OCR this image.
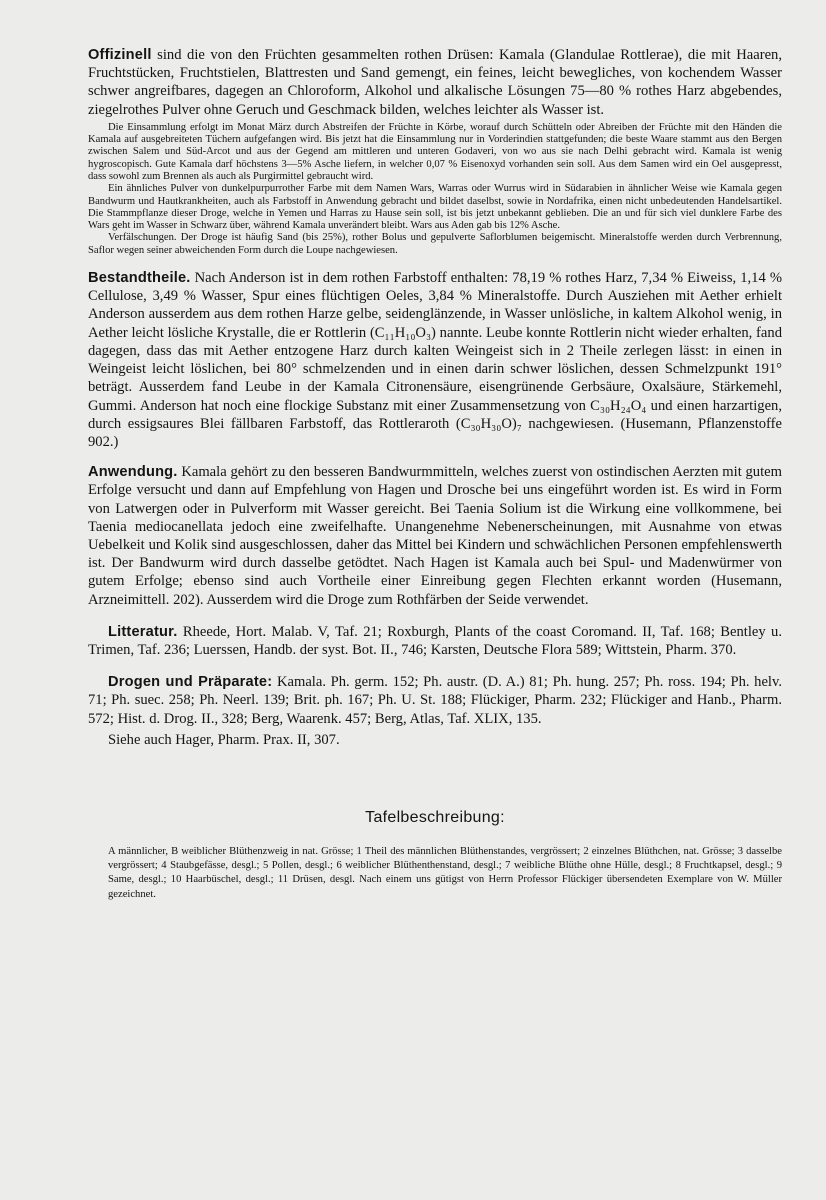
Offizinell sind die von den Früchten gesammelten rothen Drüsen: Kamala (Glandulae Rottlerae), die mit Haaren, Fruchtstücken, Fruchtstielen, Blattresten und Sand gemengt, ein feines, leicht bewegliches, von kochendem Wasser schwer angreifbares, dagegen an Chloroform, Alkohol und alkalische Lösungen 75—80 % rothes Harz abgebendes, ziegelrothes Pulver ohne Geruch und Geschmack bilden, welches leichter als Wasser ist.

Die Einsammlung erfolgt im Monat März durch Abstreifen der Früchte in Körbe, worauf durch Schütteln oder Abreiben der Früchte mit den Händen die Kamala auf ausgebreiteten Tüchern aufgefangen wird. Bis jetzt hat die Einsammlung nur in Vorderindien stattgefunden; die beste Waare stammt aus den Bergen zwischen Salem und Süd-Arcot und aus der Gegend am mittleren und unteren Godaveri, von wo aus sie nach Delhi gebracht wird. Kamala ist wenig hygroscopisch. Gute Kamala darf höchstens 3—5% Asche liefern, in welcher 0,07 % Eisenoxyd vorhanden sein soll. Aus dem Samen wird ein Oel ausgepresst, dass sowohl zum Brennen als auch als Purgirmittel gebraucht wird.

Ein ähnliches Pulver von dunkelpurpurrother Farbe mit dem Namen Wars, Warras oder Wurrus wird in Südarabien in ähnlicher Weise wie Kamala gegen Bandwurm und Hautkrankheiten, auch als Farbstoff in Anwendung gebracht und bildet daselbst, sowie in Nordafrika, einen nicht unbedeutenden Handelsartikel. Die Stammpflanze dieser Droge, welche in Yemen und Harras zu Hause sein soll, ist bis jetzt unbekannt geblieben. Die an und für sich viel dunklere Farbe des Wars geht im Wasser in Schwarz über, während Kamala unverändert bleibt. Wars aus Aden gab bis 12% Asche.

Verfälschungen. Der Droge ist häufig Sand (bis 25%), rother Bolus und gepulverte Saflorblumen beigemischt. Mineralstoffe werden durch Verbrennung, Saflor wegen seiner abweichenden Form durch die Loupe nachgewiesen.

Bestandtheile. Nach Anderson ist in dem rothen Farbstoff enthalten: 78,19 % rothes Harz, 7,34 % Eiweiss, 1,14 % Cellulose, 3,49 % Wasser, Spur eines flüchtigen Oeles, 3,84 % Mineralstoffe. Durch Ausziehen mit Aether erhielt Anderson ausserdem aus dem rothen Harze gelbe, seidenglänzende, in Wasser unlösliche, in kaltem Alkohol wenig, in Aether leicht lösliche Krystalle, die er Rottlerin (C₁₁H₁₀O₃) nannte. Leube konnte Rottlerin nicht wieder erhalten, fand dagegen, dass das mit Aether entzogene Harz durch kalten Weingeist sich in 2 Theile zerlegen lässt: in einen in Weingeist leicht löslichen, bei 80° schmelzenden und in einen darin schwer löslichen, dessen Schmelzpunkt 191° beträgt. Ausserdem fand Leube in der Kamala Citronensäure, eisengrünende Gerbsäure, Oxalsäure, Stärkemehl, Gummi. Anderson hat noch eine flockige Substanz mit einer Zusammensetzung von C₃₀H₂₄O₄ und einen harzartigen, durch essigsaures Blei fällbaren Farbstoff, das Rottleraroth (C₃₀H₃₀O)₇ nachgewiesen. (Husemann, Pflanzenstoffe 902.)

Anwendung. Kamala gehört zu den besseren Bandwurmmitteln, welches zuerst von ostindischen Aerzten mit gutem Erfolge versucht und dann auf Empfehlung von Hagen und Drosche bei uns eingeführt worden ist. Es wird in Form von Latwergen oder in Pulverform mit Wasser gereicht. Bei Taenia Solium ist die Wirkung eine vollkommene, bei Taenia mediocanellata jedoch eine zweifelhafte. Unangenehme Nebenerscheinungen, mit Ausnahme von etwas Uebelkeit und Kolik sind ausgeschlossen, daher das Mittel bei Kindern und schwächlichen Personen empfehlenswerth ist. Der Bandwurm wird durch dasselbe getödtet. Nach Hagen ist Kamala auch bei Spul- und Madenwürmer von gutem Erfolge; ebenso sind auch Vortheile einer Einreibung gegen Flechten erkannt worden (Husemann, Arzneimittell. 202). Ausserdem wird die Droge zum Rothfärben der Seide verwendet.

Litteratur. Rheede, Hort. Malab. V, Taf. 21; Roxburgh, Plants of the coast Coromand. II, Taf. 168; Bentley u. Trimen, Taf. 236; Luerssen, Handb. der syst. Bot. II., 746; Karsten, Deutsche Flora 589; Wittstein, Pharm. 370.

Drogen und Präparate: Kamala. Ph. germ. 152; Ph. austr. (D. A.) 81; Ph. hung. 257; Ph. ross. 194; Ph. helv. 71; Ph. suec. 258; Ph. Neerl. 139; Brit. ph. 167; Ph. U. St. 188; Flückiger, Pharm. 232; Flückiger and Hanb., Pharm. 572; Hist. d. Drog. II., 328; Berg, Waarenk. 457; Berg, Atlas, Taf. XLIX, 135.

Siehe auch Hager, Pharm. Prax. II, 307.

Tafelbeschreibung:

A männlicher, B weiblicher Blüthenzweig in nat. Grösse; 1 Theil des männlichen Blüthenstandes, vergrössert; 2 einzelnes Blüthchen, nat. Grösse; 3 dasselbe vergrössert; 4 Staubgefässe, desgl.; 5 Pollen, desgl.; 6 weiblicher Blüthenthenstand, desgl.; 7 weibliche Blüthe ohne Hülle, desgl.; 8 Fruchtkapsel, desgl.; 9 Same, desgl.; 10 Haarbüschel, desgl.; 11 Drüsen, desgl. Nach einem uns gütigst von Herrn Professor Flückiger übersendeten Exemplare von W. Müller gezeichnet.
